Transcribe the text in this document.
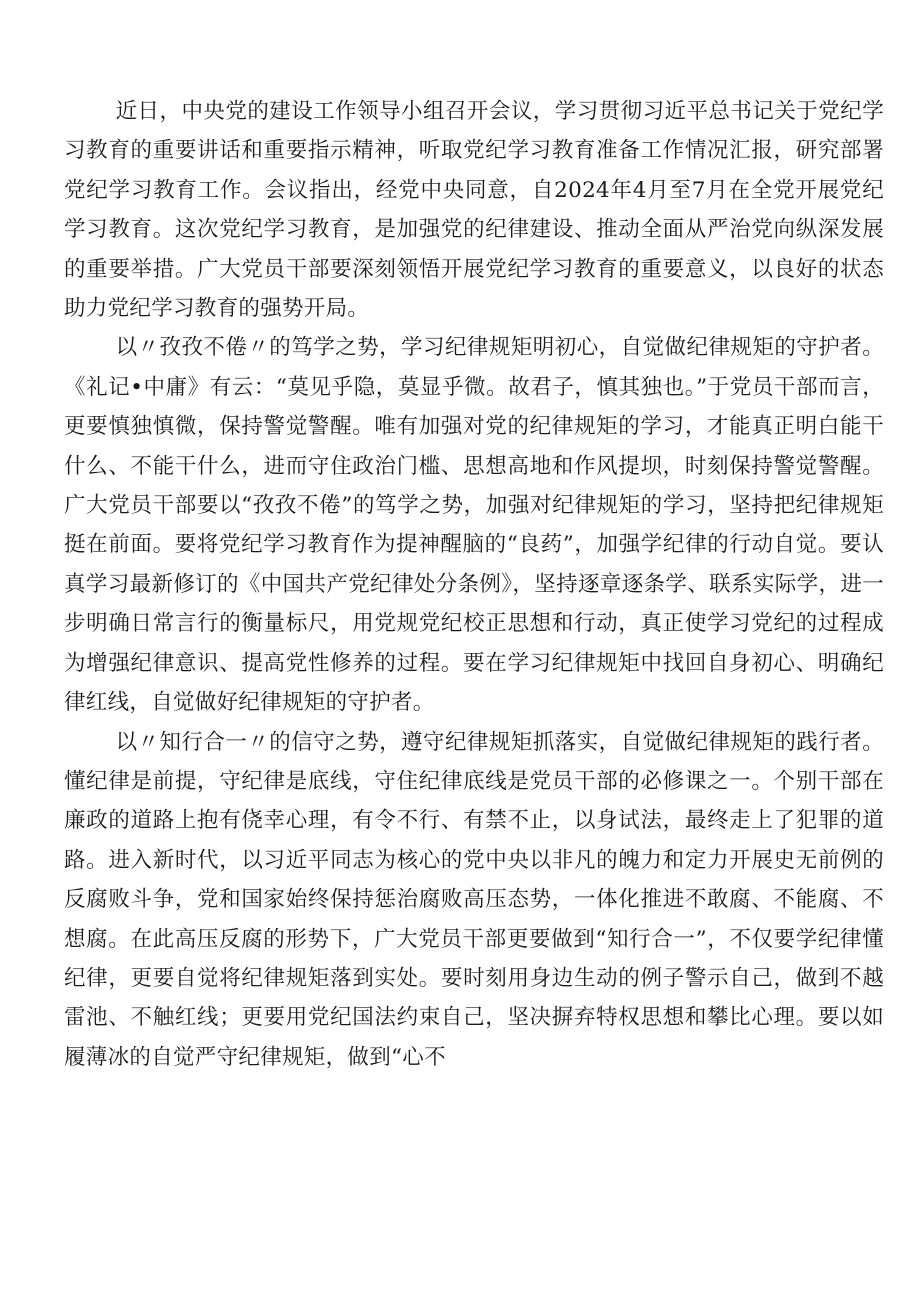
近日，中央党的建设工作领导小组召开会议，学习贯彻习近平总书记关于党纪学习教育的重要讲话和重要指示精神，听取党纪学习教育准备工作情况汇报，研究部署党纪学习教育工作。会议指出，经党中央同意，自2024年4月至7月在全党开展党纪学习教育。这次党纪学习教育，是加强党的纪律建设、推动全面从严治党向纵深发展的重要举措。广大党员干部要深刻领悟开展党纪学习教育的重要意义，以良好的状态助力党纪学习教育的强势开局。

以〃孜孜不倦〃的笃学之势，学习纪律规矩明初心，自觉做纪律规矩的守护者。《礼记•中庸》有云：“莫见乎隐，莫显乎微。故君子，慎其独也。”于党员干部而言，更要慎独慎微，保持警觉警醒。唯有加强对党的纪律规矩的学习，才能真正明白能干什么、不能干什么，进而守住政治门槛、思想高地和作风提坝，时刻保持警觉警醒。广大党员干部要以“孜孜不倦”的笃学之势，加强对纪律规矩的学习，坚持把纪律规矩挺在前面。要将党纪学习教育作为提神醒脑的“良药”，加强学纪律的行动自觉。要认真学习最新修订的《中国共产党纪律处分条例》，坚持逐章逐条学、联系实际学，进一步明确日常言行的衡量标尺，用党规党纪校正思想和行动，真正使学习党纪的过程成为增强纪律意识、提高党性修养的过程。要在学习纪律规矩中找回自身初心、明确纪律红线，自觉做好纪律规矩的守护者。

以〃知行合一〃的信守之势，遵守纪律规矩抓落实，自觉做纪律规矩的践行者。懂纪律是前提，守纪律是底线，守住纪律底线是党员干部的必修课之一。个别干部在廉政的道路上抱有侥幸心理，有令不行、有禁不止，以身试法，最终走上了犯罪的道路。进入新时代，以习近平同志为核心的党中央以非凡的魄力和定力开展史无前例的反腐败斗争，党和国家始终保持惩治腐败高压态势，一体化推进不敢腐、不能腐、不想腐。在此高压反腐的形势下，广大党员干部更要做到“知行合一”，不仅要学纪律懂纪律，更要自觉将纪律规矩落到实处。要时刻用身边生动的例子警示自己，做到不越雷池、不触红线；更要用党纪国法约束自己，坚决摒弃特权思想和攀比心理。要以如履薄冰的自觉严守纪律规矩，做到“心不
